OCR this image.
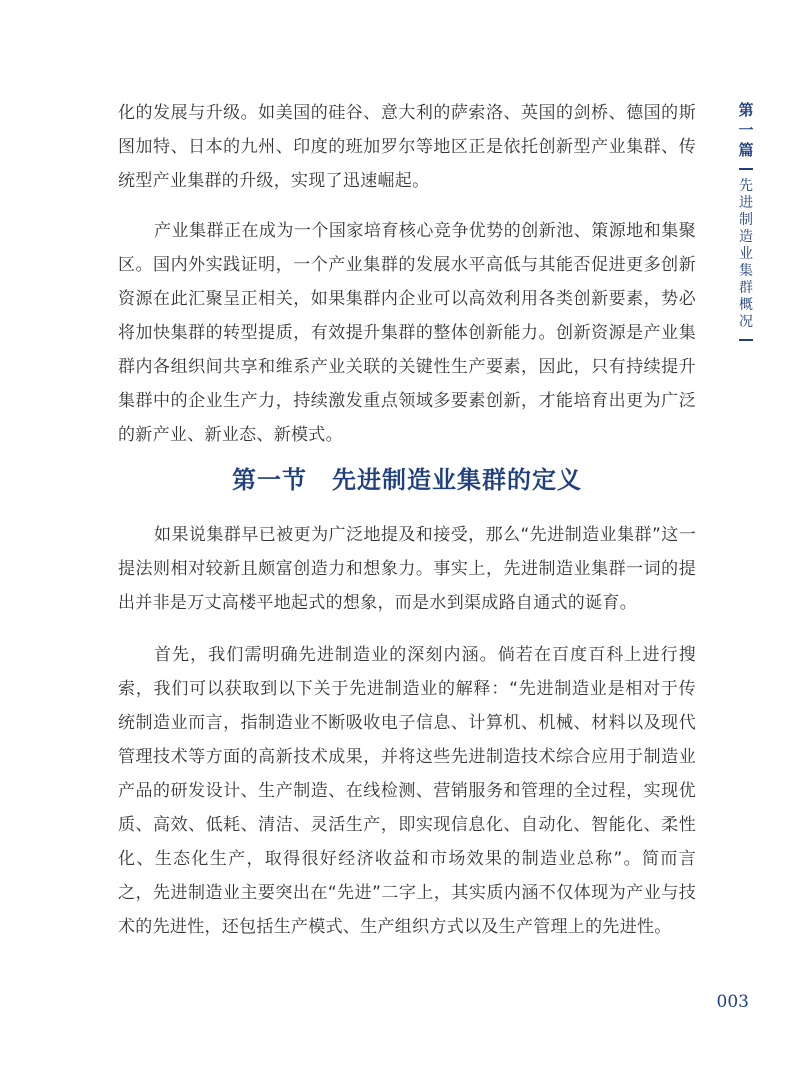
化的发展与升级。如美国的硅谷、意大利的萨索洛、英国的剑桥、德国的斯图加特、日本的九州、印度的班加罗尔等地区正是依托创新型产业集群、传统型产业集群的升级，实现了迅速崛起。

产业集群正在成为一个国家培育核心竞争优势的创新池、策源地和集聚区。国内外实践证明，一个产业集群的发展水平高低与其能否促进更多创新资源在此汇聚呈正相关，如果集群内企业可以高效利用各类创新要素，势必将加快集群的转型提质，有效提升集群的整体创新能力。创新资源是产业集群内各组织间共享和维系产业关联的关键性生产要素，因此，只有持续提升集群中的企业生产力，持续激发重点领域多要素创新，才能培育出更为广泛的新产业、新业态、新模式。

第一节　先进制造业集群的定义

如果说集群早已被更为广泛地提及和接受，那么“先进制造业集群”这一提法则相对较新且颇富创造力和想象力。事实上，先进制造业集群一词的提出并非是万丈高楼平地起式的想象，而是水到渠成路自通式的诞育。

首先，我们需明确先进制造业的深刻内涵。倘若在百度百科上进行搜索，我们可以获取到以下关于先进制造业的解释：“先进制造业是相对于传统制造业而言，指制造业不断吸收电子信息、计算机、机械、材料以及现代管理技术等方面的高新技术成果，并将这些先进制造技术综合应用于制造业产品的研发设计、生产制造、在线检测、营销服务和管理的全过程，实现优质、高效、低耗、清洁、灵活生产，即实现信息化、自动化、智能化、柔性化、生态化生产，取得很好经济收益和市场效果的制造业总称”。简而言之，先进制造业主要突出在“先进”二字上，其实质内涵不仅体现为产业与技术的先进性，还包括生产模式、生产组织方式以及生产管理上的先进性。

第
一
篇
先
进
制
造
业
集
群
概
况
003
